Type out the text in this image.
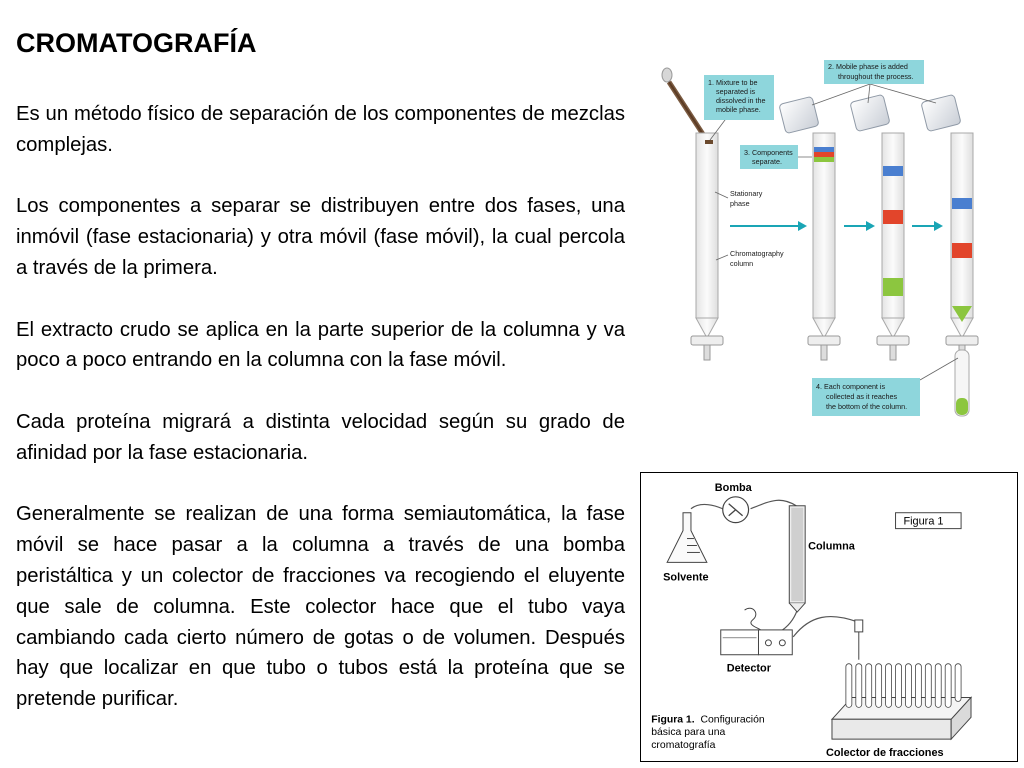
CROMATOGRAFÍA

Es un método físico de separación de los componentes de mezclas complejas.

Los componentes a separar se distribuyen entre dos fases, una inmóvil (fase estacionaria) y otra móvil (fase móvil), la cual percola a través de la primera.

El extracto crudo se aplica en la parte superior de la columna y va poco a poco entrando en la columna con la fase móvil.

Cada proteína migrará a distinta velocidad según su grado de afinidad por la fase estacionaria.

Generalmente se realizan de una forma semiautomática, la fase móvil se hace pasar a la columna a través de una bomba peristáltica y un colector de fracciones va recogiendo el eluyente que sale de columna. Este colector hace que el tubo vaya cambiando cada cierto número de gotas o de volumen. Después hay que localizar en que tubo o tubos está la proteína que se pretende purificar.

1. Mixture to be
separated is
dissolved in the
mobile phase.
2. Mobile phase is added
throughout the process.
3. Components
separate.
Stationary
phase
Chromatography
column
4. Each component is
collected as it reaches
the bottom of the column.
Solvente
Bomba
Columna
Figura 1
Detector
Colector de fracciones
Figura 1. Configuración
básica para una
cromatografía
